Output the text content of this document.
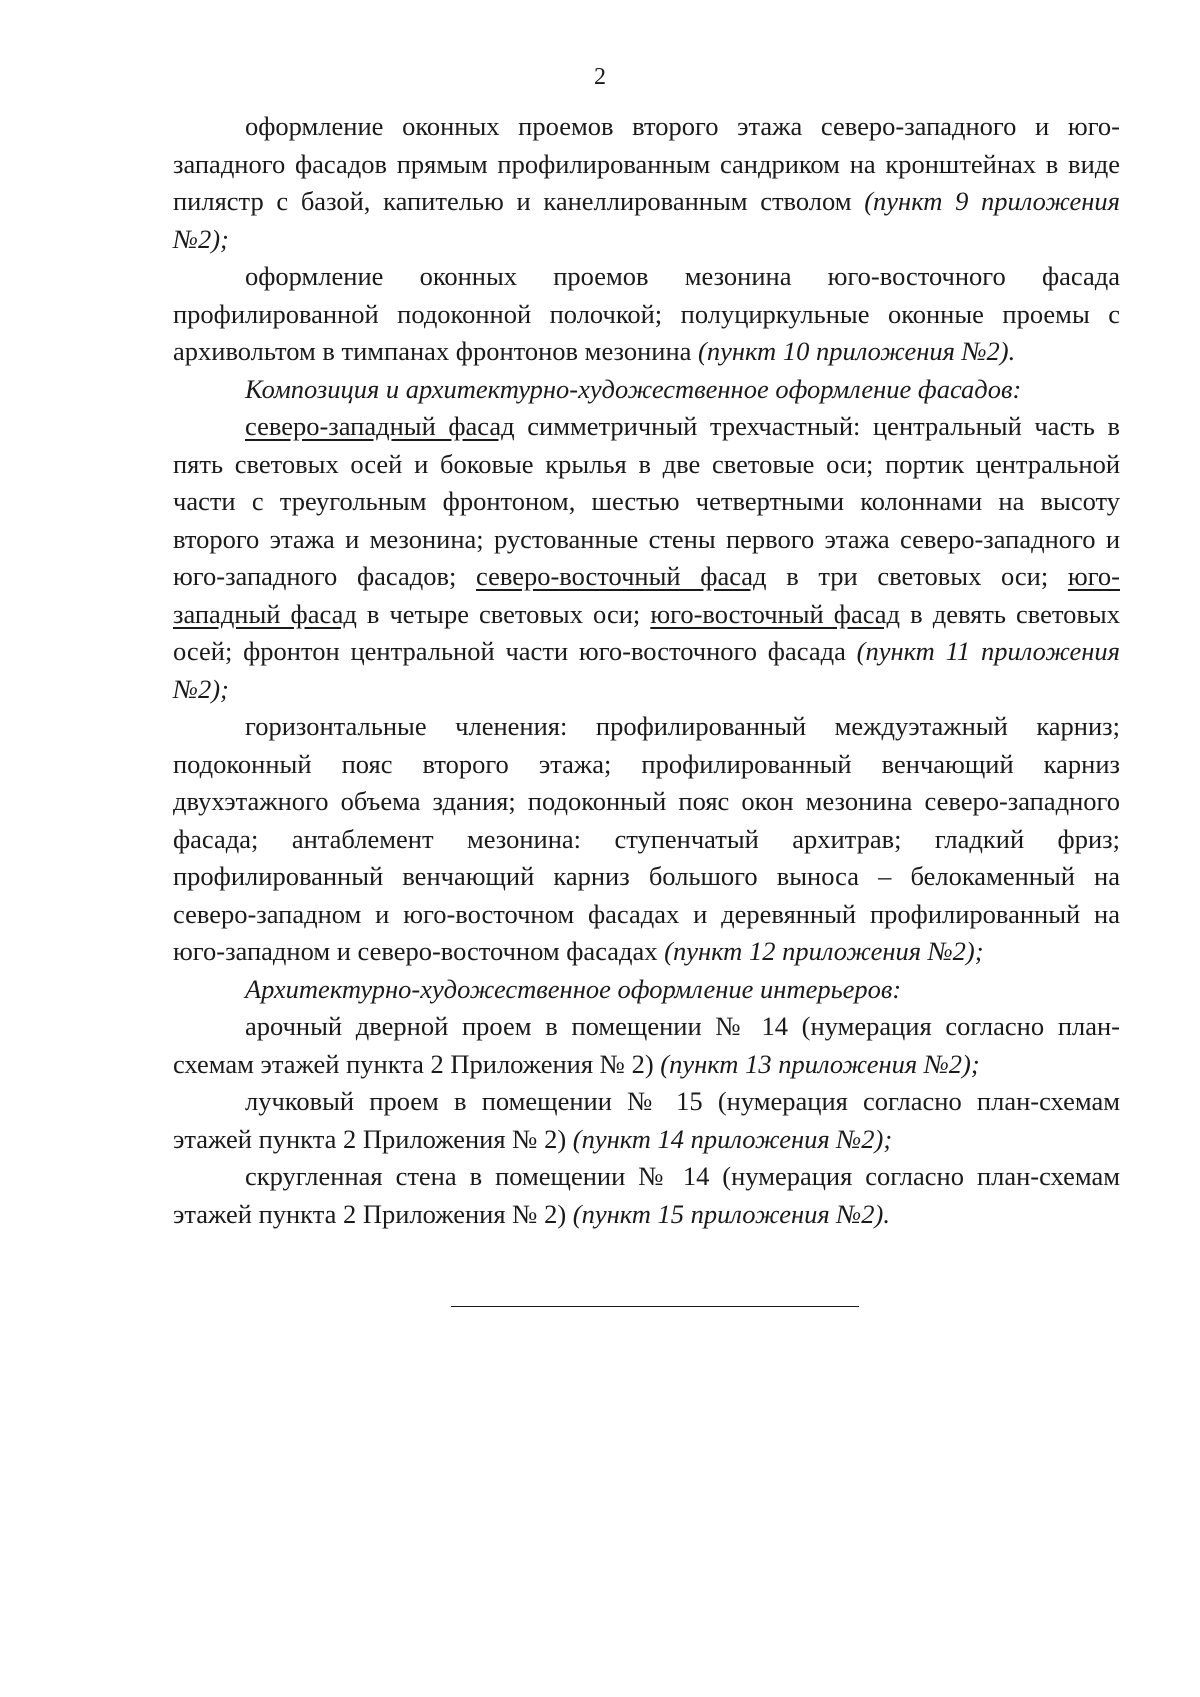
2

оформление оконных проемов второго этажа северо-западного и юго-западного фасадов прямым профилированным сандриком на кронштейнах в виде пилястр с базой, капителью и канеллированным стволом (пункт 9 приложения №2);

оформление оконных проемов мезонина юго-восточного фасада профилированной подоконной полочкой; полуциркульные оконные проемы с архивольтом в тимпанах фронтонов мезонина (пункт 10 приложения №2).

Композиция и архитектурно-художественное оформление фасадов:

северо-западный фасад симметричный трехчастный: центральный часть в пять световых осей и боковые крылья в две световые оси; портик центральной части с треугольным фронтоном, шестью четвертными колоннами на высоту второго этажа и мезонина; рустованные стены первого этажа северо-западного и юго-западного фасадов; северо-восточный фасад в три световых оси; юго-западный фасад в четыре световых оси; юго-восточный фасад в девять световых осей; фронтон центральной части юго-восточного фасада (пункт 11 приложения №2);

горизонтальные членения: профилированный междуэтажный карниз; подоконный пояс второго этажа; профилированный венчающий карниз двухэтажного объема здания; подоконный пояс окон мезонина северо-западного фасада; антаблемент мезонина: ступенчатый архитрав; гладкий фриз; профилированный венчающий карниз большого выноса – белокаменный на северо-западном и юго-восточном фасадах и деревянный профилированный на юго-западном и северо-восточном фасадах (пункт 12 приложения №2);

Архитектурно-художественное оформление интерьеров:

арочный дверной проем в помещении № 14 (нумерация согласно план-схемам этажей пункта 2 Приложения № 2) (пункт 13 приложения №2);

лучковый проем в помещении № 15 (нумерация согласно план-схемам этажей пункта 2 Приложения № 2) (пункт 14 приложения №2);

скругленная стена в помещении № 14 (нумерация согласно план-схемам этажей пункта 2 Приложения № 2) (пункт 15 приложения №2).
